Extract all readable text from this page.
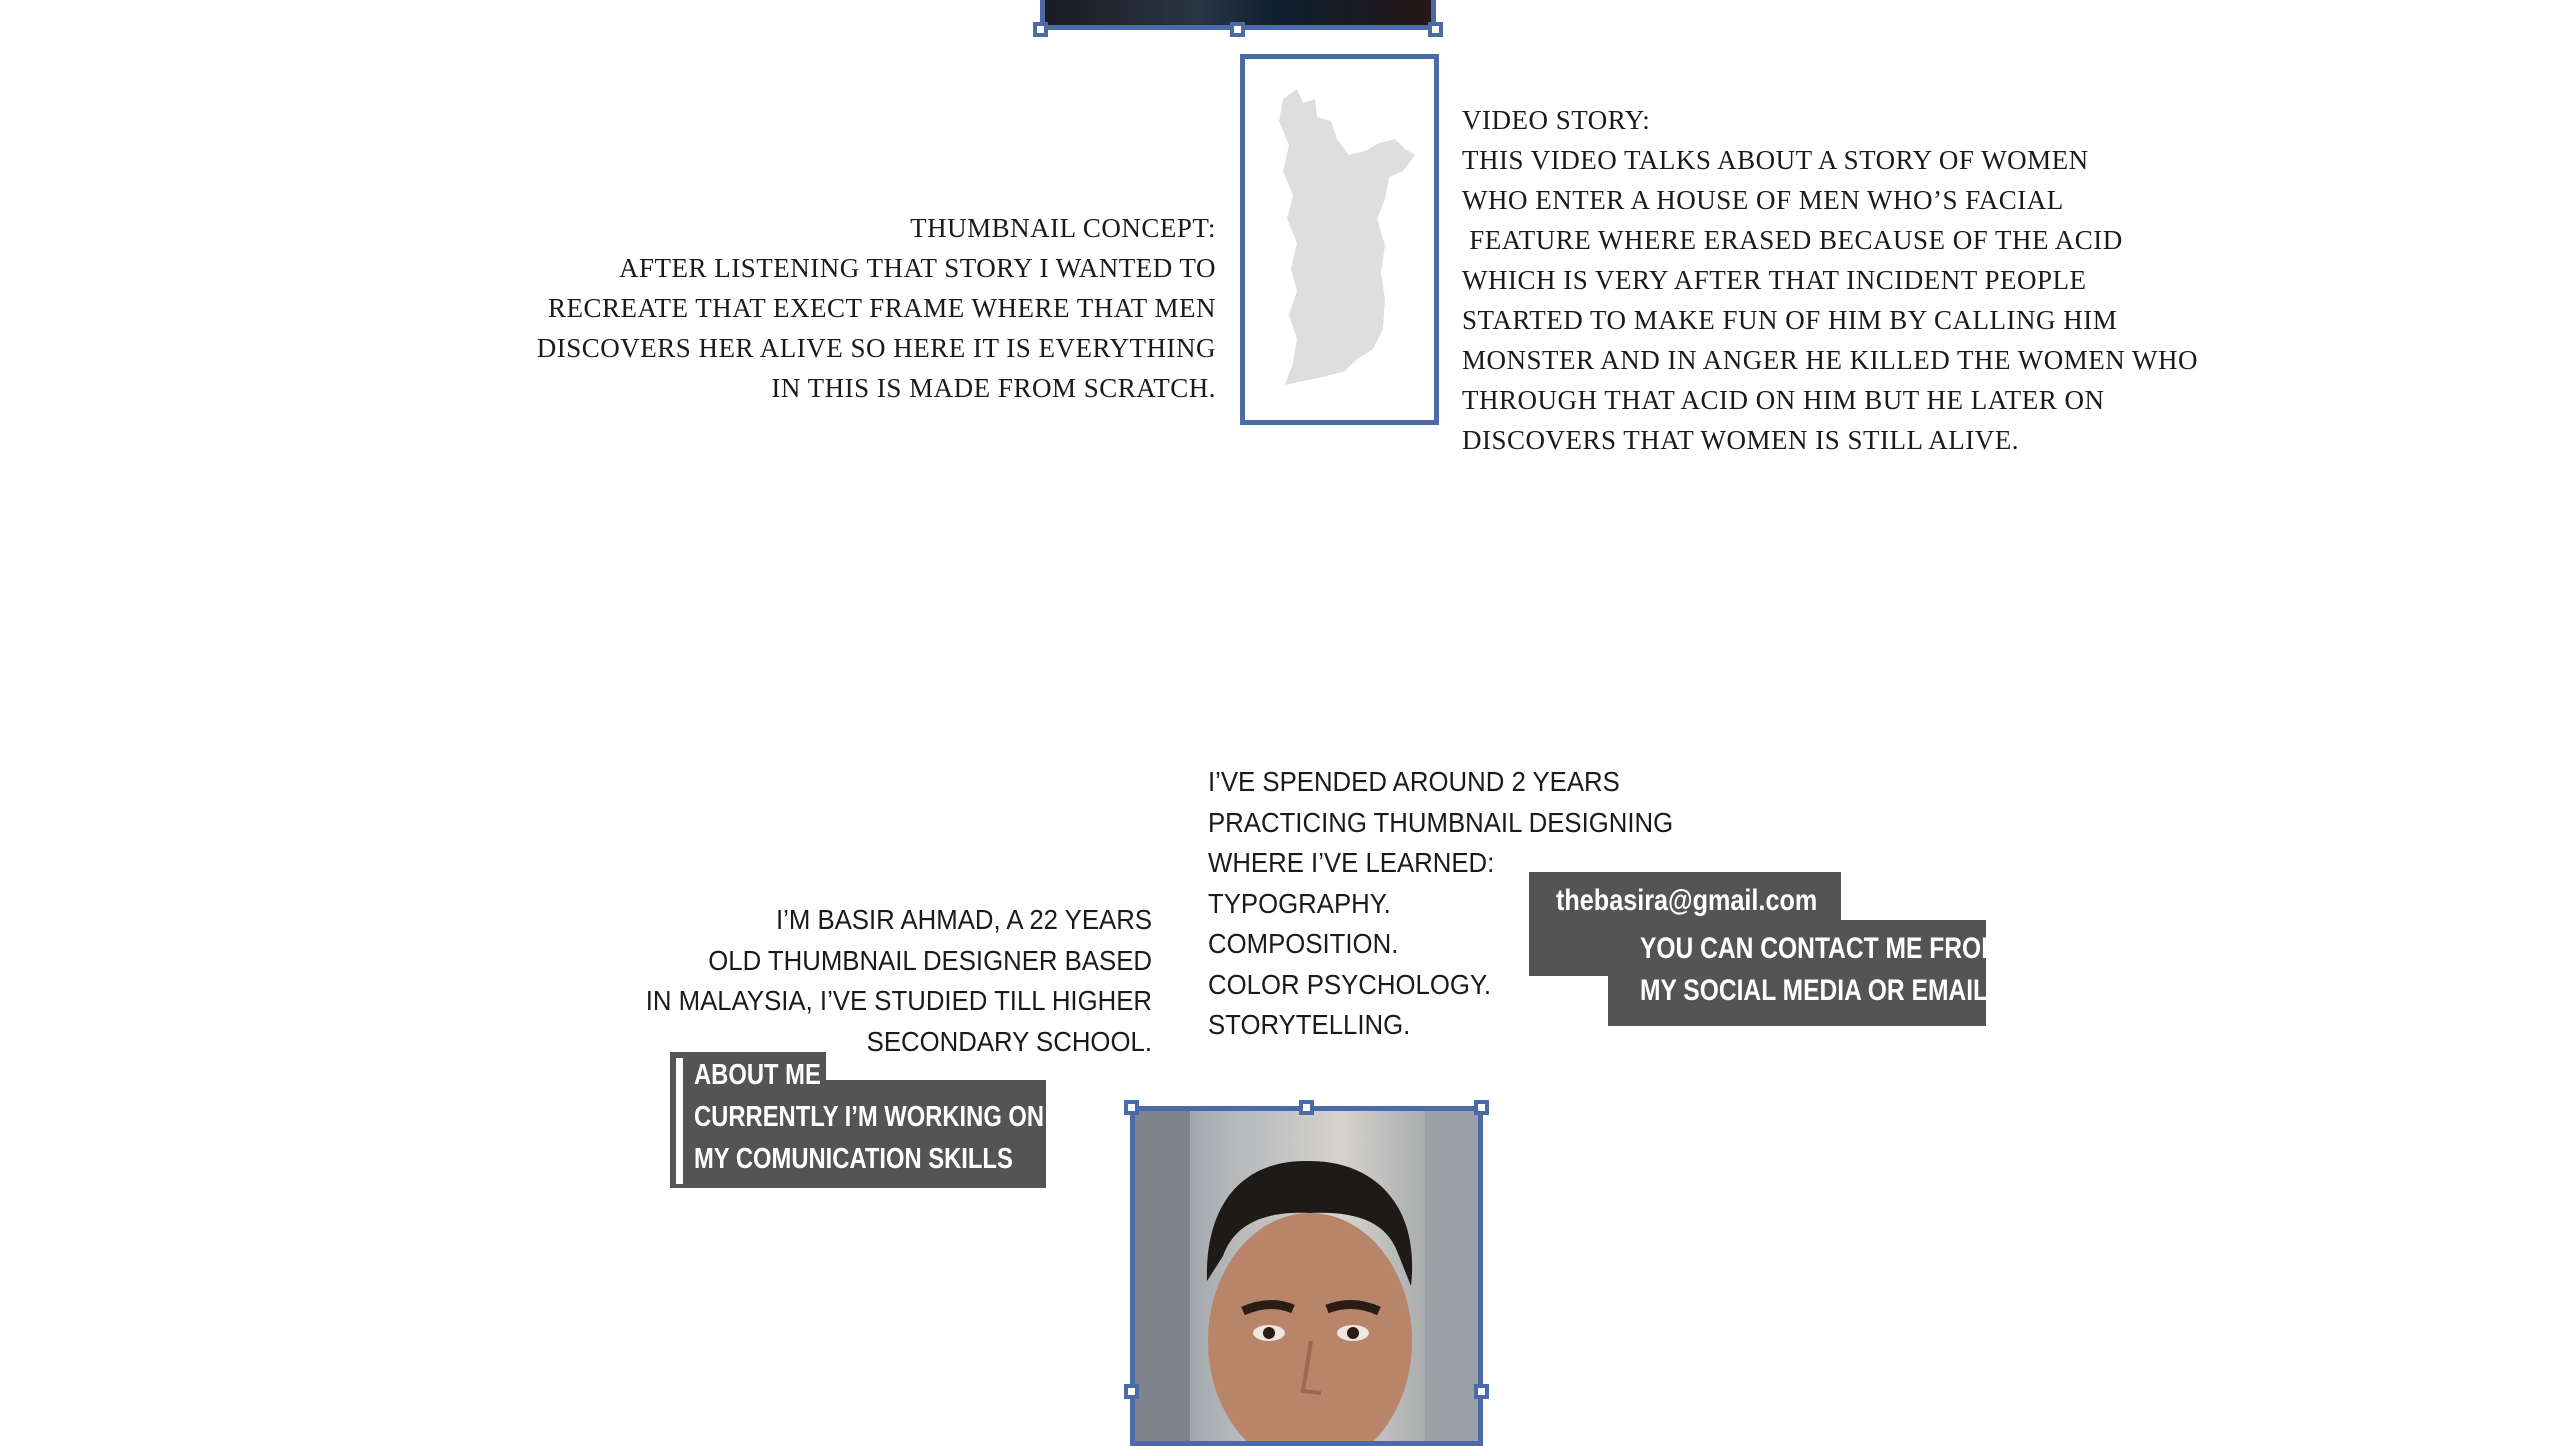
THUMBNAIL CONCEPT:
AFTER LISTENING THAT STORY I WANTED TO
RECREATE THAT EXECT FRAME WHERE THAT MEN
DISCOVERS HER ALIVE SO HERE IT IS EVERYTHING
IN THIS IS MADE FROM SCRATCH.

VIDEO STORY:
THIS VIDEO TALKS ABOUT A STORY OF WOMEN
WHO ENTER A HOUSE OF MEN WHO’S FACIAL
FEATURE WHERE ERASED BECAUSE OF THE ACID
WHICH IS VERY AFTER THAT INCIDENT PEOPLE
STARTED TO MAKE FUN OF HIM BY CALLING HIM
MONSTER AND IN ANGER HE KILLED THE WOMEN WHO
THROUGH THAT ACID ON HIM BUT HE LATER ON
DISCOVERS THAT WOMEN IS STILL ALIVE.

I’VE SPENDED AROUND 2 YEARS
PRACTICING THUMBNAIL DESIGNING
WHERE I’VE LEARNED:
TYPOGRAPHY.
COMPOSITION.
COLOR PSYCHOLOGY.
STORYTELLING.
I’M BASIR AHMAD, A 22 YEARS
OLD THUMBNAIL DESIGNER BASED
IN MALAYSIA, I’VE STUDIED TILL HIGHER
SECONDARY SCHOOL.
ABOUT ME
CURRENTLY I’M WORKING ON
MY COMUNICATION SKILLS
thebasira@gmail.com
YOU CAN CONTACT ME FROM
MY SOCIAL MEDIA OR EMAIL.
